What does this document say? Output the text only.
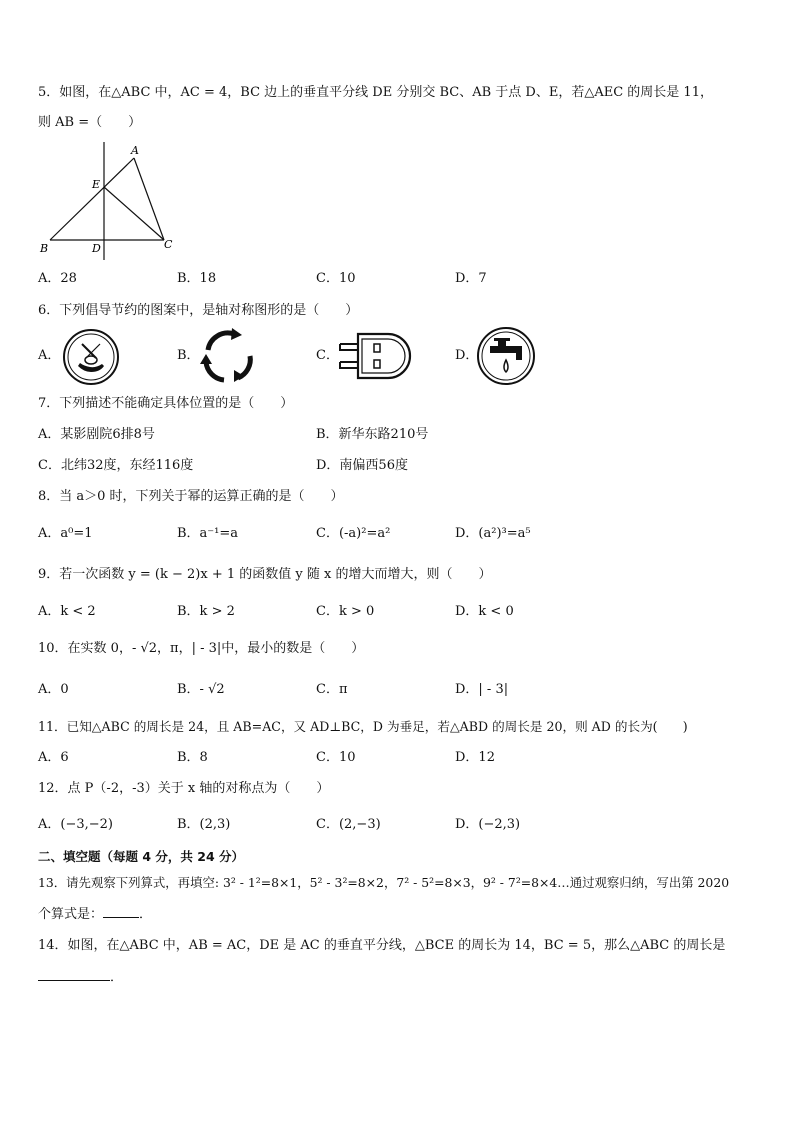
5．如图，在△ABC 中，AC = 4，BC 边上的垂直平分线 DE 分别交 BC、AB 于点 D、E，若△AEC 的周长是 11，
则 AB =（　　）
A
B	C
D
E
A．28	B．18	C．10	D．7
6．下列倡导节约的图案中，是轴对称图形的是（　　）
A．	B．	C．	D．
7．下列描述不能确定具体位置的是（　　）
A．某影剧院6排8号	B．新华东路210号
C．北纬32度，东经116度	D．南偏西56度
8．当 a＞0 时，下列关于幂的运算正确的是（　　）
A．a⁰=1	B．a⁻¹=a	C．(-a)²=a²	D．(a²)³=a⁵
9．若一次函数 y = (k − 2)x + 1 的函数值 y 随 x 的增大而增大，则（　　）
A．k < 2	B．k > 2	C．k > 0	D．k < 0
10．在实数 0，- √2，π，| - 3|中，最小的数是（　　）
A．0	B．- √2	C．π	D．| - 3|
11．已知△ABC 的周长是 24，且 AB=AC，又 AD⊥BC，D 为垂足，若△ABD 的周长是 20，则 AD 的长为(　　)
A．6	B．8	C．10	D．12
12．点 P（-2，-3）关于 x 轴的对称点为（　　）
A．(−3,−2)	B．(2,3)	C．(2,−3)	D．(−2,3)
二、填空题（每题 4 分，共 24 分）
13．请先观察下列算式，再填空: 3² - 1²=8×1，5² - 3²=8×2，7² - 5²=8×3，9² - 7²=8×4…通过观察归纳，写出第 2020
个算式是：	．
14．如图，在△ABC 中，AB = AC，DE 是 AC 的垂直平分线，△BCE 的周长为 14，BC = 5，那么△ABC 的周长是
．
